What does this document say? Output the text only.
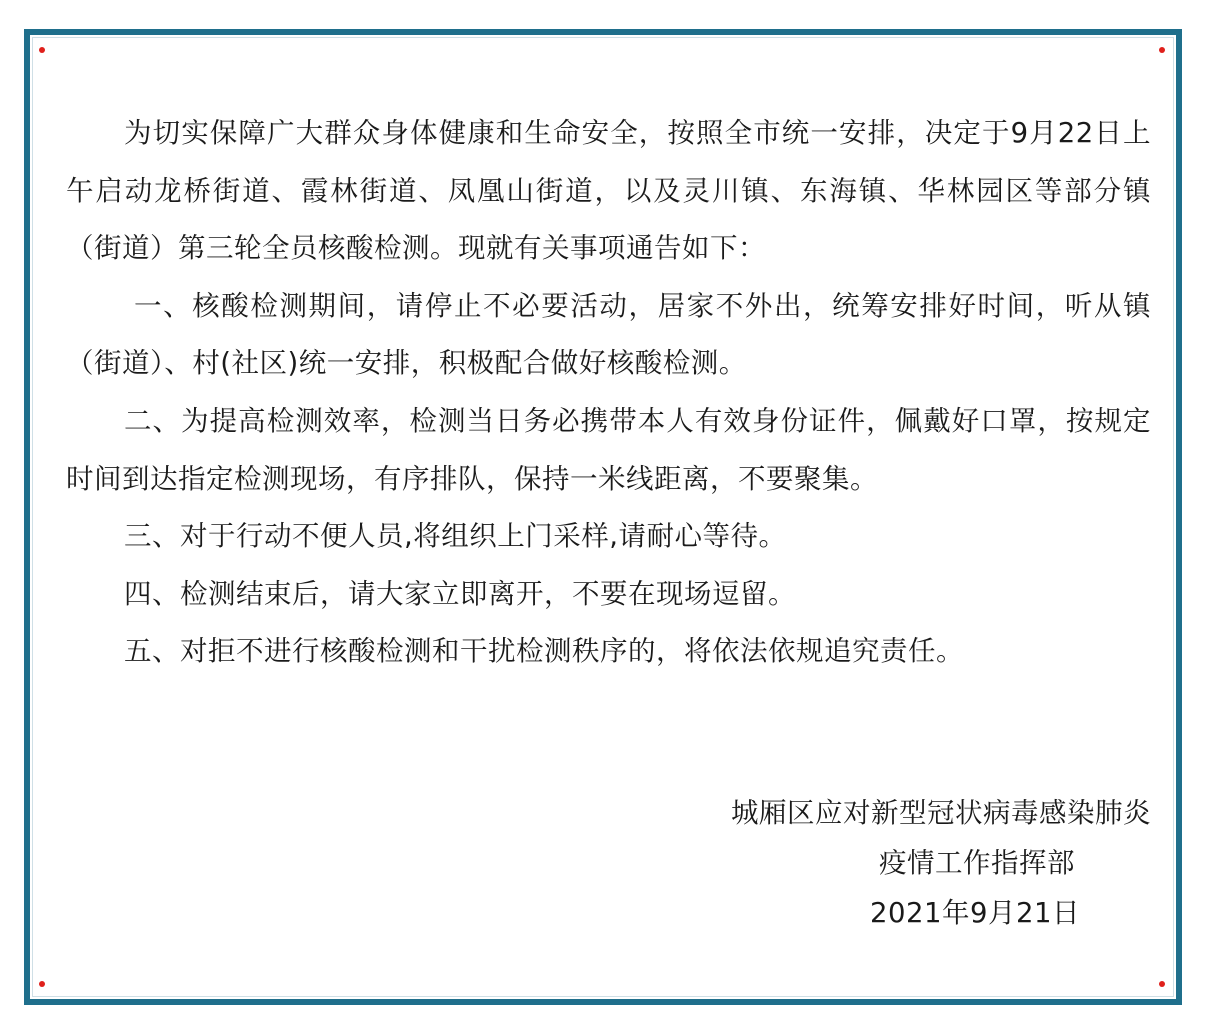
为切实保障广大群众身体健康和生命安全，按照全市统一安排，决定于9月22日上午启动龙桥街道、霞林街道、凤凰山街道，以及灵川镇、东海镇、华林园区等部分镇（街道）第三轮全员核酸检测。现就有关事项通告如下：

一、核酸检测期间，请停止不必要活动，居家不外出，统筹安排好时间，听从镇（街道）、村(社区)统一安排，积极配合做好核酸检测。

二、为提高检测效率，检测当日务必携带本人有效身份证件，佩戴好口罩，按规定时间到达指定检测现场，有序排队，保持一米线距离，不要聚集。

三、对于行动不便人员,将组织上门采样,请耐心等待。

四、检测结束后，请大家立即离开，不要在现场逗留。

五、对拒不进行核酸检测和干扰检测秩序的，将依法依规追究责任。

城厢区应对新型冠状病毒感染肺炎
疫情工作指挥部
2021年9月21日
